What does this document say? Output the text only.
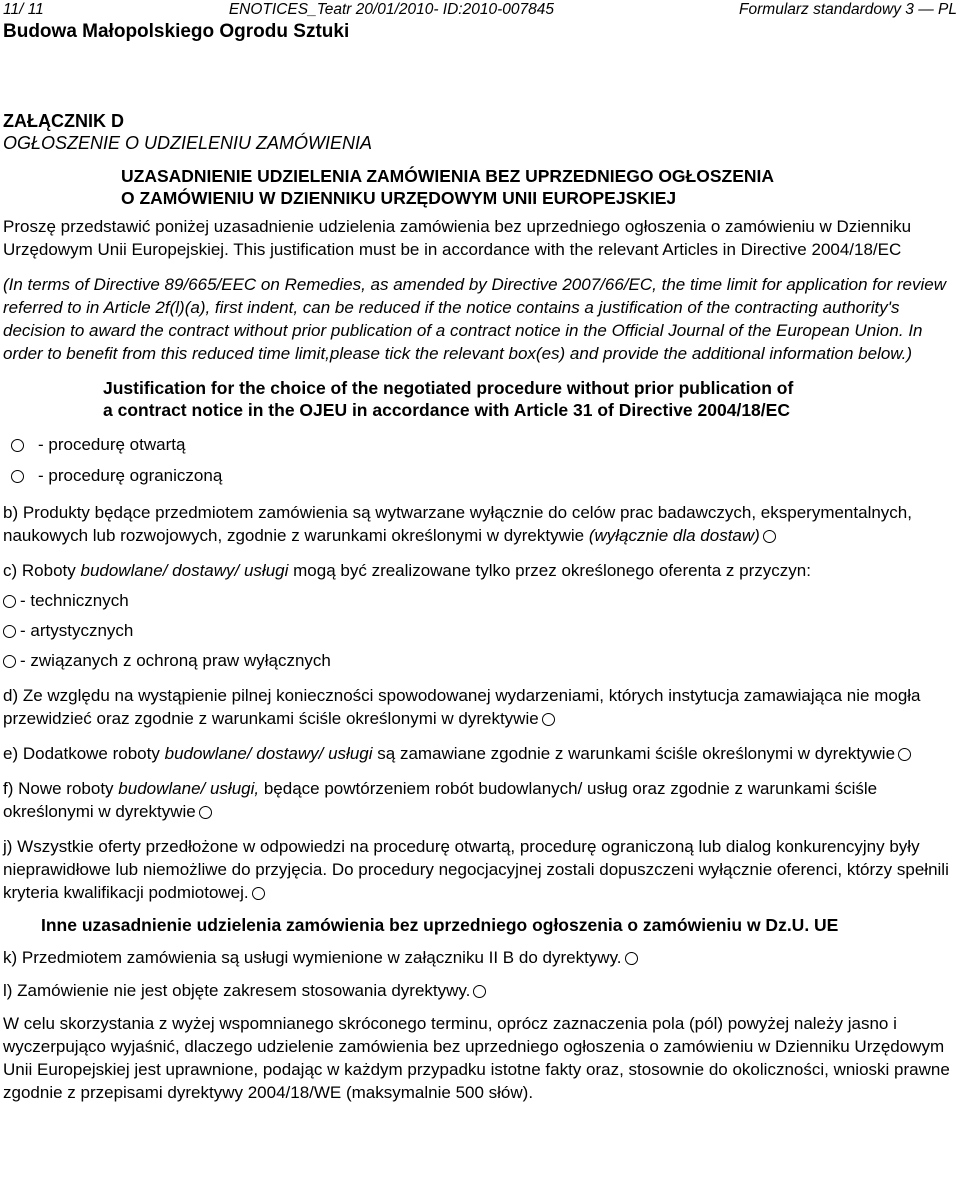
11/ 11	ENOTICES_Teatr 20/01/2010- ID:2010-007845	Formularz standardowy 3 — PL
Budowa Małopolskiego Ogrodu Sztuki
ZAŁĄCZNIK D
OGŁOSZENIE O UDZIELENIU ZAMÓWIENIA
UZASADNIENIE UDZIELENIA ZAMÓWIENIA BEZ UPRZEDNIEGO OGŁOSZENIA
O ZAMÓWIENIU W DZIENNIKU URZĘDOWYM UNII EUROPEJSKIEJ

Proszę przedstawić poniżej uzasadnienie udzielenia zamówienia bez uprzedniego ogłoszenia o zamówieniu w Dzienniku Urzędowym Unii Europejskiej. This justification must be in accordance with the relevant Articles in Directive 2004/18/EC

(In terms of Directive 89/665/EEC on Remedies, as amended by Directive 2007/66/EC, the time limit for application for review referred to in Article 2f(l)(a), first indent, can be reduced if the notice contains a justification of the contracting authority's decision to award the contract without prior publication of a contract notice in the Official Journal of the European Union. In order to benefit from this reduced time limit,please tick the relevant box(es) and provide the additional information below.)

Justification for the choice of the negotiated procedure without prior publication of
a contract notice in the OJEU in accordance with Article 31 of Directive 2004/18/EC
- procedurę otwartą
- procedurę ograniczoną

b) Produkty będące przedmiotem zamówienia są wytwarzane wyłącznie do celów prac badawczych, eksperymentalnych, naukowych lub rozwojowych, zgodnie z warunkami określonymi w dyrektywie (wyłącznie dla dostaw)

c) Roboty budowlane/ dostawy/ usługi mogą być zrealizowane tylko przez określonego oferenta z przyczyn:

- technicznych
- artystycznych
- związanych z ochroną praw wyłącznych

d) Ze względu na wystąpienie pilnej konieczności spowodowanej wydarzeniami, których instytucja zamawiająca nie mogła przewidzieć oraz zgodnie z warunkami ściśle określonymi w dyrektywie

e) Dodatkowe roboty budowlane/ dostawy/ usługi są zamawiane zgodnie z warunkami ściśle określonymi w dyrektywie

f) Nowe roboty budowlane/ usługi, będące powtórzeniem robót budowlanych/ usług oraz zgodnie z warunkami ściśle określonymi w dyrektywie

j) Wszystkie oferty przedłożone w odpowiedzi na procedurę otwartą, procedurę ograniczoną lub dialog konkurencyjny były nieprawidłowe lub niemożliwe do przyjęcia. Do procedury negocjacyjnej zostali dopuszczeni wyłącznie oferenci, którzy spełnili kryteria kwalifikacji podmiotowej.

Inne uzasadnienie udzielenia zamówienia bez uprzedniego ogłoszenia o zamówieniu w Dz.U. UE

k) Przedmiotem zamówienia są usługi wymienione w załączniku II B do dyrektywy.

l) Zamówienie nie jest objęte zakresem stosowania dyrektywy.

W celu skorzystania z wyżej wspomnianego skróconego terminu, oprócz zaznaczenia pola (pól) powyżej należy jasno i wyczerpująco wyjaśnić, dlaczego udzielenie zamówienia bez uprzedniego ogłoszenia o zamówieniu w Dzienniku Urzędowym Unii Europejskiej jest uprawnione, podając w każdym przypadku istotne fakty oraz, stosownie do okoliczności, wnioski prawne zgodnie z przepisami dyrektywy 2004/18/WE (maksymalnie 500 słów).
